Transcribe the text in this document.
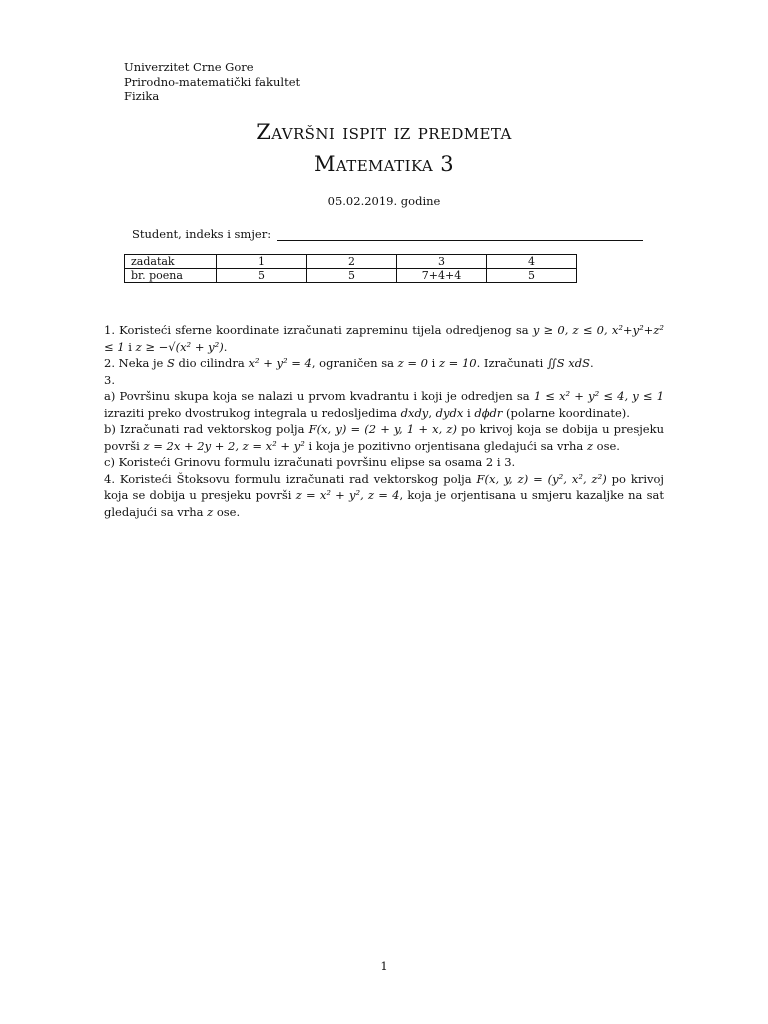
Univerzitet Crne Gore
Prirodno-matematički fakultet
Fizika
Završni ispit iz predmeta
Matematika 3
05.02.2019. godine
Student, indeks i smjer:
zadatak	1	2	3	4
br. poena	5	5	7+4+4	5

1. Koristeći sferne koordinate izračunati zapreminu tijela odredjenog sa y ≥ 0, z ≤ 0, x²+y²+z² ≤ 1 i z ≥ −√(x² + y²).

2. Neka je S dio cilindra x² + y² = 4, ograničen sa z = 0 i z = 10. Izračunati ∬S xdS.

3.

a) Površinu skupa koja se nalazi u prvom kvadrantu i koji je odredjen sa 1 ≤ x² + y² ≤ 4, y ≤ 1 izraziti preko dvostrukog integrala u redosljedima dxdy, dydx i dϕdr (polarne koordinate).

b) Izračunati rad vektorskog polja F(x, y) = (2 + y, 1 + x, z) po krivoj koja se dobija u presjeku površi z = 2x + 2y + 2, z = x² + y² i koja je pozitivno orjentisana gledajući sa vrha z ose.

c) Koristeći Grinovu formulu izračunati površinu elipse sa osama 2 i 3.

4. Koristeći Štoksovu formulu izračunati rad vektorskog polja F(x, y, z) = (y², x², z²) po krivoj koja se dobija u presjeku površi z = x² + y², z = 4, koja je orjentisana u smjeru kazaljke na sat gledajući sa vrha z ose.

1
